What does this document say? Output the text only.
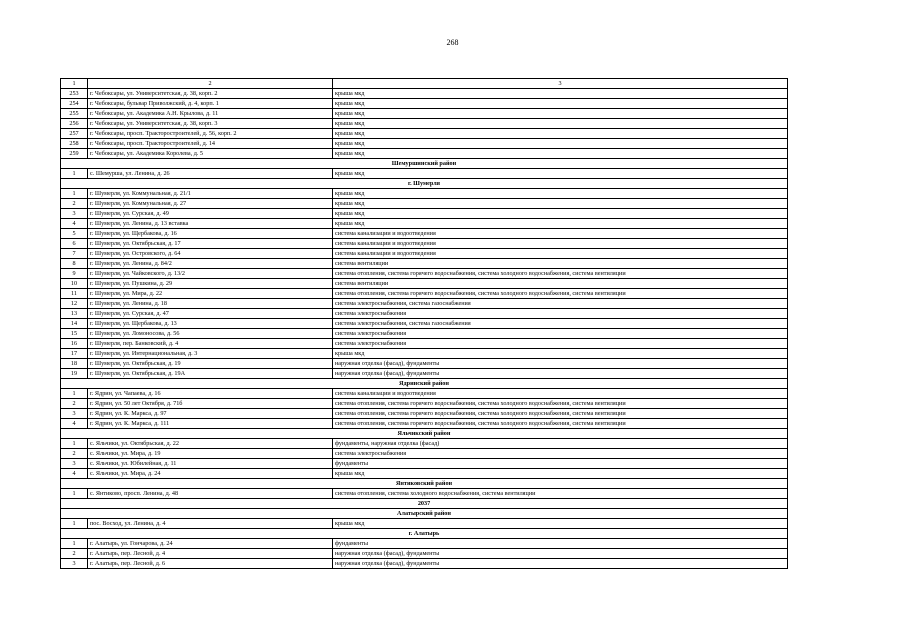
268
1	2	3
253	г. Чебоксары, ул. Университетская, д. 38, корп. 2	крыша мкд
254	г. Чебоксары, бульвар Приволжский, д. 4, корп. 1	крыша мкд
255	г. Чебоксары, ул. Академика А.Н. Крылова, д. 11	крыша мкд
256	г. Чебоксары, ул. Университетская, д. 38, корп. 3	крыша мкд
257	г. Чебоксары, просп. Тракторостроителей, д. 56, корп. 2	крыша мкд
258	г. Чебоксары, просп. Тракторостроителей, д. 14	крыша мкд
259	г. Чебоксары, ул. Академика Королева, д. 5	крыша мкд
Шемуршинский район		
1	с. Шемурша, ул. Ленина, д. 26	крыша мкд
г. Шумерля		
1	г. Шумерля, ул. Коммунальная, д. 21/1	крыша мкд
2	г. Шумерля, ул. Коммунальная, д. 27	крыша мкд
3	г. Шумерля, ул. Сурская, д. 49	крыша мкд
4	г. Шумерля, ул. Ленина, д. 13 вставка	крыша мкд
5	г. Шумерля, ул. Щербакова, д. 16	система канализации и водоотведения
6	г. Шумерля, ул. Октябрьская, д. 17	система канализации и водоотведения
7	г. Шумерля, ул. Островского, д. 64	система канализации и водоотведения
8	г. Шумерля, ул. Ленина, д. 84/2	система вентиляции
9	г. Шумерля, ул. Чайковского, д. 13/2	система отопления, система горячего водоснабжения, система холодного водоснабжения, система вентиляции
10	г. Шумерля, ул. Пушкина, д. 29	система вентиляции
11	г. Шумерля, ул. Мира, д. 22	система отопления, система горячего водоснабжения, система холодного водоснабжения, система вентиляции
12	г. Шумерля, ул. Ленина, д. 18	система электроснабжения, система газоснабжения
13	г. Шумерля, ул. Сурская, д. 47	система электроснабжения
14	г. Шумерля, ул. Щербакова, д. 13	система электроснабжения, система газоснабжения
15	г. Шумерля, ул. Ломоносова, д. 56	система электроснабжения
16	г. Шумерля, пер. Банковский, д. 4	система электроснабжения
17	г. Шумерля, ул. Интернациональная, д. 3	крыша мкд
18	г. Шумерля, ул. Октябрьская, д. 19	наружная отделка (фасад), фундаменты
19	г. Шумерля, ул. Октябрьская, д. 19А	наружная отделка (фасад), фундаменты
Ядринский район		
1	г. Ядрин, ул. Чапаева, д. 16	система канализации и водоотведения
2	г. Ядрин, ул. 50 лет Октября, д. 71б	система отопления, система горячего водоснабжения, система холодного водоснабжения, система вентиляции
3	г. Ядрин, ул. К. Маркса, д. 97	система отопления, система горячего водоснабжения, система холодного водоснабжения, система вентиляции
4	г. Ядрин, ул. К. Маркса, д. 111	система отопления, система горячего водоснабжения, система холодного водоснабжения, система вентиляции
Яльчикский район		
1	с. Яльчики, ул. Октябрьская, д. 22	фундаменты, наружная отделка (фасад)
2	с. Яльчики, ул. Мира, д. 19	система электроснабжения
3	с. Яльчики, ул. Юбилейная, д. 11	фундаменты
4	с. Яльчики, ул. Мира, д. 24	крыша мкд
Янтиковский район		
1	с. Янтиково, просп. Ленина, д. 48	система отопления, система холодного водоснабжения, система вентиляции
2037		
Алатырский район		
1	пос. Восход, ул. Ленина, д. 4	крыша мкд
г. Алатырь		
1	г. Алатырь, ул. Гончарова, д. 24	фундаменты
2	г. Алатырь, пер. Лесной, д. 4	наружная отделка (фасад), фундаменты
3	г. Алатырь, пер. Лесной, д. 6	наружная отделка (фасад), фундаменты
